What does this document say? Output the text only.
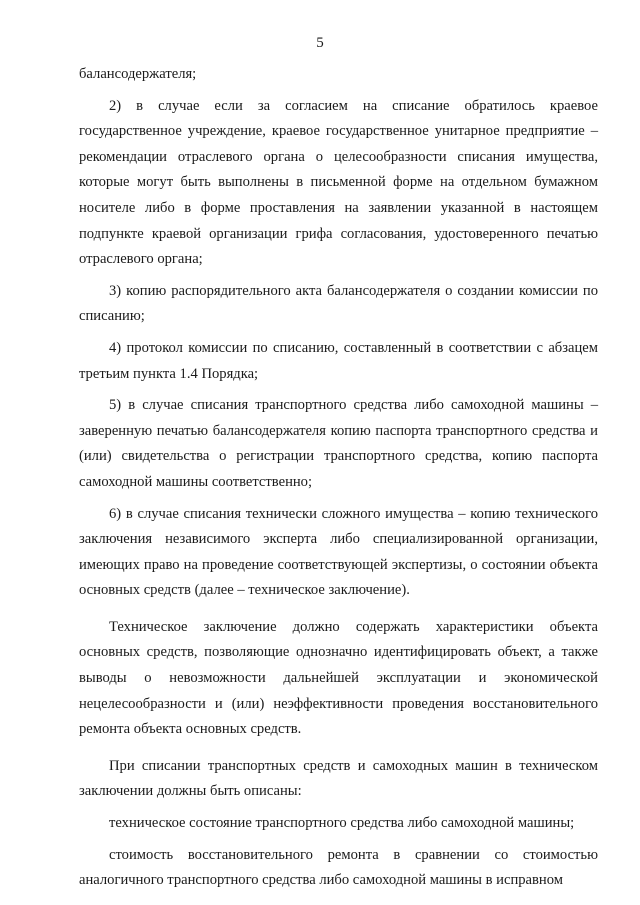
5

балансодержателя;

2) в случае если за согласием на списание обратилось краевое государственное учреждение, краевое государственное унитарное предприятие – рекомендации отраслевого органа о целесообразности списания имущества, которые могут быть выполнены в письменной форме на отдельном бумажном носителе либо в форме проставления на заявлении указанной в настоящем подпункте краевой организации грифа согласования, удостоверенного печатью отраслевого органа;

3) копию распорядительного акта балансодержателя о создании комиссии по списанию;

4) протокол комиссии по списанию, составленный в соответствии с абзацем третьим пункта 1.4 Порядка;

5) в случае списания транспортного средства либо самоходной машины – заверенную печатью балансодержателя копию паспорта транспортного средства и (или) свидетельства о регистрации транспортного средства, копию паспорта самоходной машины соответственно;

6) в случае списания технически сложного имущества – копию технического заключения независимого эксперта либо специализированной организации, имеющих право на проведение соответствующей экспертизы, о состоянии объекта основных средств (далее – техническое заключение).

Техническое заключение должно содержать характеристики объекта основных средств, позволяющие однозначно идентифицировать объект, а также выводы о невозможности дальнейшей эксплуатации и экономической нецелесообразности и (или) неэффективности проведения восстановительного ремонта объекта основных средств.

При списании транспортных средств и самоходных машин в техническом заключении должны быть описаны:

техническое состояние транспортного средства либо самоходной машины;

стоимость восстановительного ремонта в сравнении со стоимостью аналогичного транспортного средства либо самоходной машины в исправном
